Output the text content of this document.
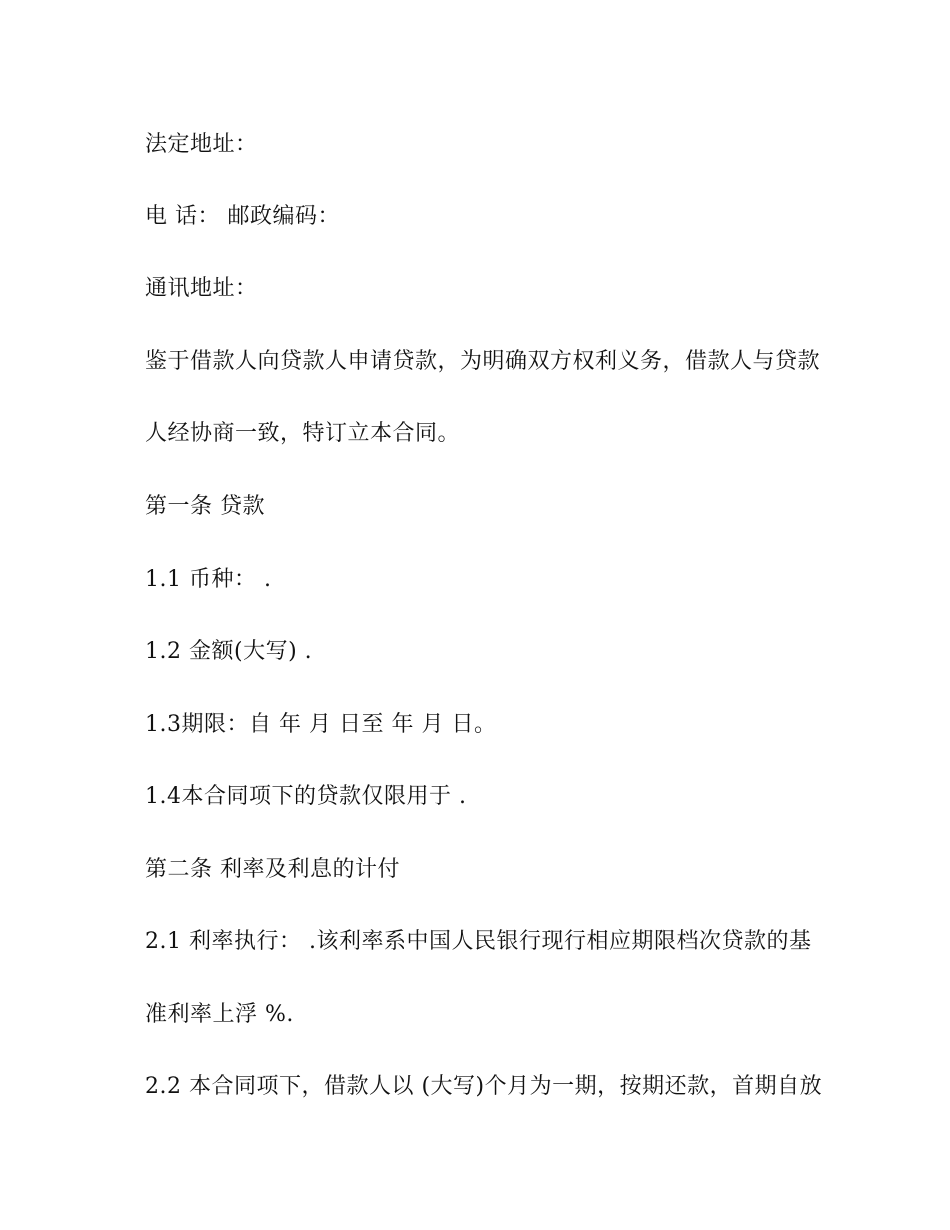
法定地址：
电 话： 邮政编码：
通讯地址：
鉴于借款人向贷款人申请贷款，为明确双方权利义务，借款人与贷款
人经协商一致，特订立本合同。
第一条 贷款
1.1 币种： .
1.2 金额(大写) .
1.3期限：自 年 月 日至 年 月 日。
1.4本合同项下的贷款仅限用于 .
第二条 利率及利息的计付
2.1 利率执行： .该利率系中国人民银行现行相应期限档次贷款的基
准利率上浮 %.
2.2 本合同项下，借款人以 (大写)个月为一期，按期还款，首期自放
